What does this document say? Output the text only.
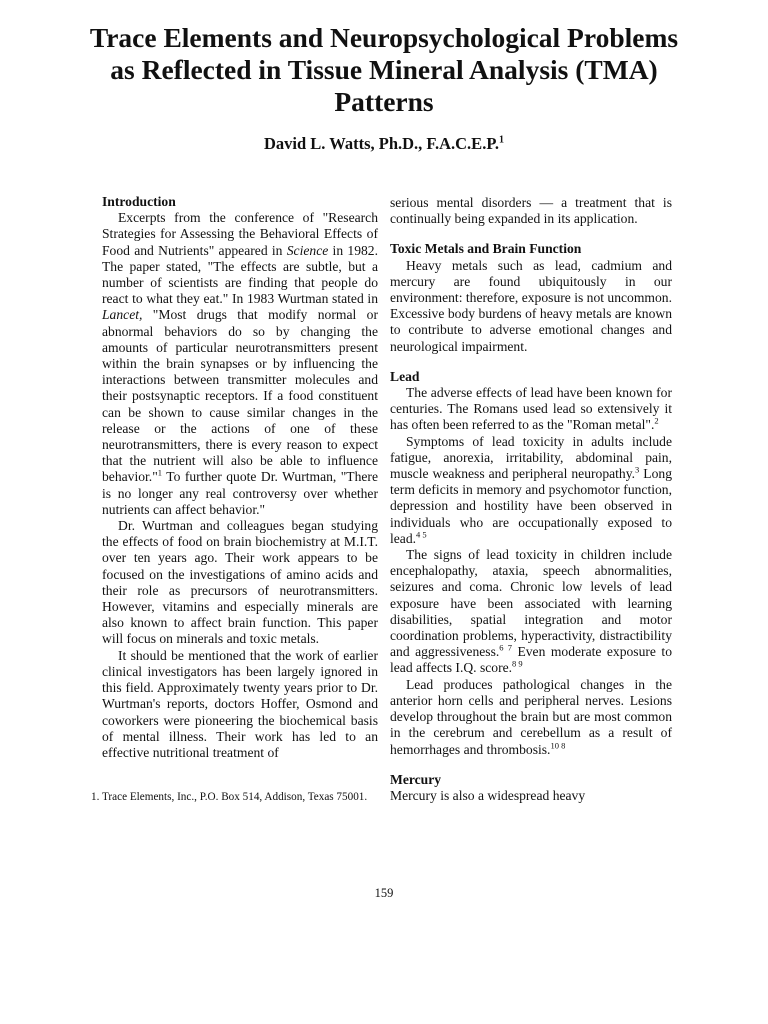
Trace Elements and Neuropsychological Problems as Reflected in Tissue Mineral Analysis (TMA) Patterns
David L. Watts, Ph.D., F.A.C.E.P.$^1$
Introduction

Excerpts from the conference of "Research Strategies for Assessing the Behavioral Effects of Food and Nutrients" appeared in Science in 1982. The paper stated, "The effects are subtle, but a number of scientists are finding that people do react to what they eat." In 1983 Wurtman stated in Lancet, "Most drugs that modify normal or abnormal behaviors do so by changing the amounts of particular neurotransmitters present within the brain synapses or by influencing the interactions between transmitter molecules and their postsynaptic receptors. If a food constituent can be shown to cause similar changes in the release or the actions of one of these neurotransmitters, there is every reason to expect that the nutrient will also be able to influence behavior."$^1$ To further quote Dr. Wurtman, "There is no longer any real controversy over whether nutrients can affect behavior."

Dr. Wurtman and colleagues began studying the effects of food on brain biochemistry at M.I.T. over ten years ago. Their work appears to be focused on the investigations of amino acids and their role as precursors of neurotransmitters. However, vitamins and especially minerals are also known to affect brain function. This paper will focus on minerals and toxic metals.

It should be mentioned that the work of earlier clinical investigators has been largely ignored in this field. Approximately twenty years prior to Dr. Wurtman's reports, doctors Hoffer, Osmond and coworkers were pioneering the biochemical basis of mental illness. Their work has led to an effective nutritional treatment of

1. Trace Elements, Inc., P.O. Box 514, Addison, Texas 75001.

serious mental disorders — a treatment that is continually being expanded in its application.

Toxic Metals and Brain Function

Heavy metals such as lead, cadmium and mercury are found ubiquitously in our environment: therefore, exposure is not uncommon. Excessive body burdens of heavy metals are known to contribute to adverse emotional changes and neurological impairment.

Lead

The adverse effects of lead have been known for centuries. The Romans used lead so extensively it has often been referred to as the "Roman metal".$^2$

Symptoms of lead toxicity in adults include fatigue, anorexia, irritability, abdominal pain, muscle weakness and peripheral neuropathy.$^3$ Long term deficits in memory and psychomotor function, depression and hostility have been observed in individuals who are occupationally exposed to lead.$^{4 5}$

The signs of lead toxicity in children include encephalopathy, ataxia, speech abnormalities, seizures and coma. Chronic low levels of lead exposure have been associated with learning disabilities, spatial integration and motor coordination problems, hyperactivity, distractibility and aggressiveness.$^{6 7}$ Even moderate exposure to lead affects I.Q. score.$^{8 9}$

Lead produces pathological changes in the anterior horn cells and peripheral nerves. Lesions develop throughout the brain but are most common in the cerebrum and cerebellum as a result of hemorrhages and thrombosis.$^{10 8}$

Mercury

Mercury is also a widespread heavy

159
